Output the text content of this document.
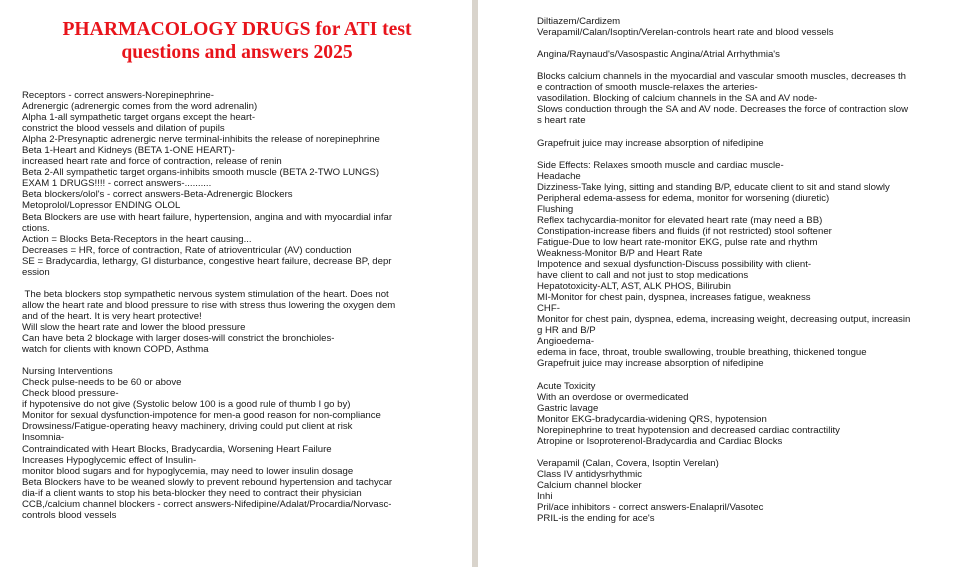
PHARMACOLOGY DRUGS for ATI test
questions and answers 2025
Receptors - correct answers-Norepinephrine-
Adrenergic (adrenergic comes from the word adrenalin)
Alpha 1-all sympathetic target organs except the heart-
constrict the blood vessels and dilation of pupils
Alpha 2-Presynaptic adrenergic nerve terminal-inhibits the release of norepinephrine
Beta 1-Heart and Kidneys (BETA 1-ONE HEART)-
increased heart rate and force of contraction, release of renin
Beta 2-All sympathetic target organs-inhibits smooth muscle (BETA 2-TWO LUNGS)
EXAM 1 DRUGS!!!! - correct answers-..........
Beta blockers/olol's - correct answers-Beta-Adrenergic Blockers
Metoprolol/Lopressor ENDING OLOL
Beta Blockers are use with heart failure, hypertension, angina and with myocardial infar
ctions.
Action = Blocks Beta-Receptors in the heart causing...
Decreases = HR, force of contraction, Rate of atrioventricular (AV) conduction
SE = Bradycardia, lethargy, GI disturbance, congestive heart failure, decrease BP, depr
ession
The beta blockers stop sympathetic nervous system stimulation of the heart. Does not
allow the heart rate and blood pressure to rise with stress thus lowering the oxygen dem
and of the heart. It is very heart protective!
Will slow the heart rate and lower the blood pressure
Can have beta 2 blockage with larger doses-will constrict the bronchioles-
watch for clients with known COPD, Asthma
Nursing Interventions
Check pulse-needs to be 60 or above
Check blood pressure-
if hypotensive do not give (Systolic below 100 is a good rule of thumb I go by)
Monitor for sexual dysfunction-impotence for men-a good reason for non-compliance
Drowsiness/Fatigue-operating heavy machinery, driving could put client at risk
Insomnia-
Contraindicated with Heart Blocks, Bradycardia, Worsening Heart Failure
Increases Hypoglycemic effect of Insulin-
monitor blood sugars and for hypoglycemia, may need to lower insulin dosage
Beta Blockers have to be weaned slowly to prevent rebound hypertension and tachycar
dia-if a client wants to stop his beta-blocker they need to contract their physician
CCB,/calcium channel blockers - correct answers-Nifedipine/Adalat/Procardia/Norvasc-
controls blood vessels
Diltiazem/Cardizem
Verapamil/Calan/Isoptin/Verelan-controls heart rate and blood vessels
Angina/Raynaud's/Vasospastic Angina/Atrial Arrhythmia's
Blocks calcium channels in the myocardial and vascular smooth muscles, decreases th
e contraction of smooth muscle-relaxes the arteries-
vasodilation. Blocking of calcium channels in the SA and AV node-
Slows conduction through the SA and AV node. Decreases the force of contraction slow
s heart rate
Grapefruit juice may increase absorption of nifedipine
Side Effects: Relaxes smooth muscle and cardiac muscle-
Headache
Dizziness-Take lying, sitting and standing B/P, educate client to sit and stand slowly
Peripheral edema-assess for edema, monitor for worsening (diuretic)
Flushing
Reflex tachycardia-monitor for elevated heart rate (may need a BB)
Constipation-increase fibers and fluids (if not restricted) stool softener
Fatigue-Due to low heart rate-monitor EKG, pulse rate and rhythm
Weakness-Monitor B/P and Heart Rate
Impotence and sexual dysfunction-Discuss possibility with client-
have client to call and not just to stop medications
Hepatotoxicity-ALT, AST, ALK PHOS, Bilirubin
MI-Monitor for chest pain, dyspnea, increases fatigue, weakness
CHF-
Monitor for chest pain, dyspnea, edema, increasing weight, decreasing output, increasin
g HR and B/P
Angioedema-
edema in face, throat, trouble swallowing, trouble breathing, thickened tongue
Grapefruit juice may increase absorption of nifedipine
Acute Toxicity
With an overdose or overmedicated
Gastric lavage
Monitor EKG-bradycardia-widening QRS, hypotension
Norepinephrine to treat hypotension and decreased cardiac contractility
Atropine or Isoproterenol-Bradycardia and Cardiac Blocks
Verapamil (Calan, Covera, Isoptin Verelan)
Class IV antidysrhythmic
Calcium channel blocker
Inhi
Pril/ace inhibitors - correct answers-Enalapril/Vasotec
PRIL-is the ending for ace's
